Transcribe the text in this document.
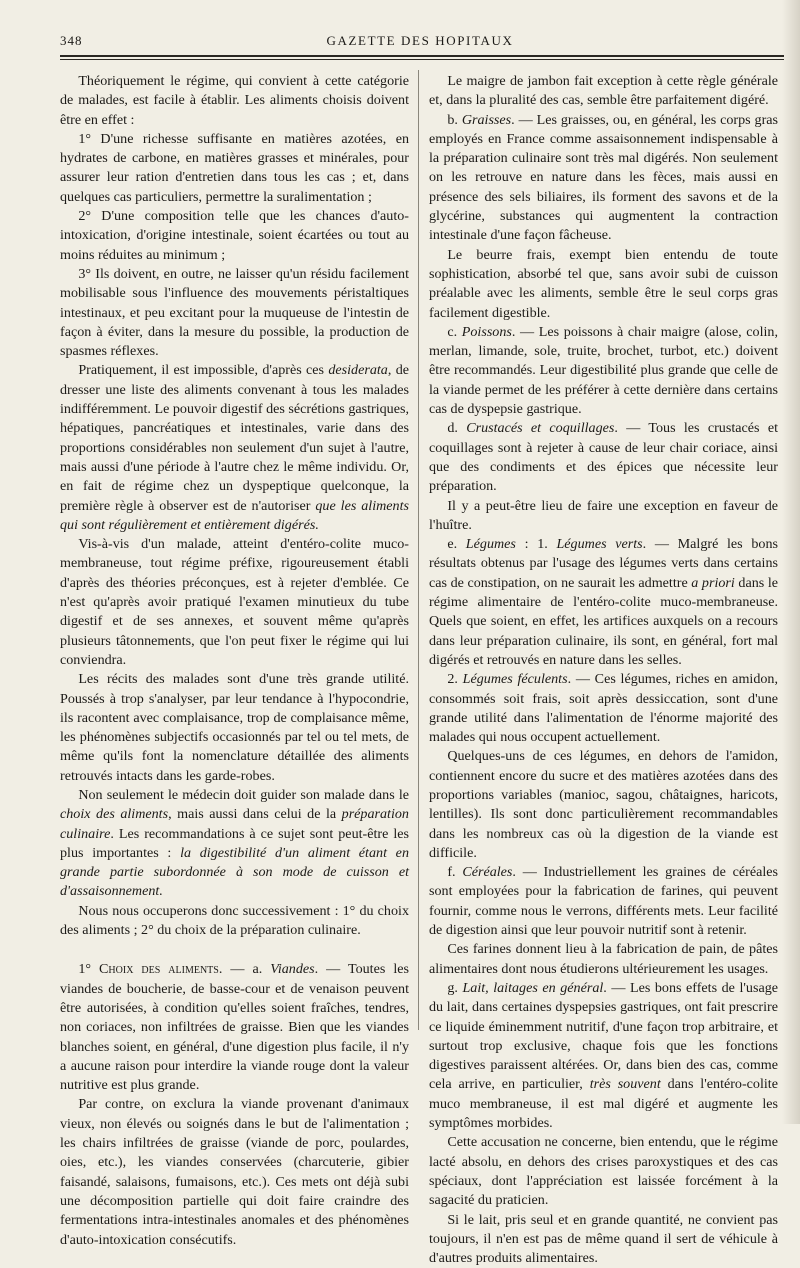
348	GAZETTE DES HOPITAUX

Théoriquement le régime, qui convient à cette catégorie de malades, est facile à établir. Les aliments choisis doivent être en effet :

1° D'une richesse suffisante en matières azotées, en hydrates de carbone, en matières grasses et minérales, pour assurer leur ration d'entretien dans tous les cas ; et, dans quelques cas particuliers, permettre la suralimentation ;

2° D'une composition telle que les chances d'auto-intoxication, d'origine intestinale, soient écartées ou tout au moins réduites au minimum ;

3° Ils doivent, en outre, ne laisser qu'un résidu facilement mobilisable sous l'influence des mouvements péristaltiques intestinaux, et peu excitant pour la muqueuse de l'intestin de façon à éviter, dans la mesure du possible, la production de spasmes réflexes.

Pratiquement, il est impossible, d'après ces desiderata, de dresser une liste des aliments convenant à tous les malades indifféremment. Le pouvoir digestif des sécrétions gastriques, hépatiques, pancréatiques et intestinales, varie dans des proportions considérables non seulement d'un sujet à l'autre, mais aussi d'une période à l'autre chez le même individu. Or, en fait de régime chez un dyspeptique quelconque, la première règle à observer est de n'autoriser que les aliments qui sont régulièrement et entièrement digérés.

Vis-à-vis d'un malade, atteint d'entéro-colite muco-membraneuse, tout régime préfixe, rigoureusement établi d'après des théories préconçues, est à rejeter d'emblée. Ce n'est qu'après avoir pratiqué l'examen minutieux du tube digestif et de ses annexes, et souvent même qu'après plusieurs tâtonnements, que l'on peut fixer le régime qui lui conviendra.

Les récits des malades sont d'une très grande utilité. Poussés à trop s'analyser, par leur tendance à l'hypocondrie, ils racontent avec complaisance, trop de complaisance même, les phénomènes subjectifs occasionnés par tel ou tel mets, de même qu'ils font la nomenclature détaillée des aliments retrouvés intacts dans les garde-robes.

Non seulement le médecin doit guider son malade dans le choix des aliments, mais aussi dans celui de la préparation culinaire. Les recommandations à ce sujet sont peut-être les plus importantes : la digestibilité d'un aliment étant en grande partie subordonnée à son mode de cuisson et d'assaisonnement.

Nous nous occuperons donc successivement : 1° du choix des aliments ; 2° du choix de la préparation culinaire.

1° Choix des aliments. — a. Viandes. — Toutes les viandes de boucherie, de basse-cour et de venaison peuvent être autorisées, à condition qu'elles soient fraîches, tendres, non coriaces, non infiltrées de graisse. Bien que les viandes blanches soient, en général, d'une digestion plus facile, il n'y a aucune raison pour interdire la viande rouge dont la valeur nutritive est plus grande.

Par contre, on exclura la viande provenant d'animaux vieux, non élevés ou soignés dans le but de l'alimentation ; les chairs infiltrées de graisse (viande de porc, poulardes, oies, etc.), les viandes conservées (charcuterie, gibier faisandé, salaisons, fumaisons, etc.). Ces mets ont déjà subi une décomposition partielle qui doit faire craindre des fermentations intra-intestinales anomales et des phénomènes d'auto-intoxication consécutifs.

Le maigre de jambon fait exception à cette règle générale et, dans la pluralité des cas, semble être parfaitement digéré.

b. Graisses. — Les graisses, ou, en général, les corps gras employés en France comme assaisonnement indispensable à la préparation culinaire sont très mal digérés. Non seulement on les retrouve en nature dans les fèces, mais aussi en présence des sels biliaires, ils forment des savons et de la glycérine, substances qui augmentent la contraction intestinale d'une façon fâcheuse.

Le beurre frais, exempt bien entendu de toute sophistication, absorbé tel que, sans avoir subi de cuisson préalable avec les aliments, semble être le seul corps gras facilement digestible.

c. Poissons. — Les poissons à chair maigre (alose, colin, merlan, limande, sole, truite, brochet, turbot, etc.) doivent être recommandés. Leur digestibilité plus grande que celle de la viande permet de les préférer à cette dernière dans certains cas de dyspepsie gastrique.

d. Crustacés et coquillages. — Tous les crustacés et coquillages sont à rejeter à cause de leur chair coriace, ainsi que des condiments et des épices que nécessite leur préparation.

Il y a peut-être lieu de faire une exception en faveur de l'huître.

e. Légumes : 1. Légumes verts. — Malgré les bons résultats obtenus par l'usage des légumes verts dans certains cas de constipation, on ne saurait les admettre a priori dans le régime alimentaire de l'entéro-colite muco-membraneuse. Quels que soient, en effet, les artifices auxquels on a recours dans leur préparation culinaire, ils sont, en général, fort mal digérés et retrouvés en nature dans les selles.

2. Légumes féculents. — Ces légumes, riches en amidon, consommés soit frais, soit après dessiccation, sont d'une grande utilité dans l'alimentation de l'énorme majorité des malades qui nous occupent actuellement.

Quelques-uns de ces légumes, en dehors de l'amidon, contiennent encore du sucre et des matières azotées dans des proportions variables (manioc, sagou, châtaignes, haricots, lentilles). Ils sont donc particulièrement recommandables dans les nombreux cas où la digestion de la viande est difficile.

f. Céréales. — Industriellement les graines de céréales sont employées pour la fabrication de farines, qui peuvent fournir, comme nous le verrons, différents mets. Leur facilité de digestion ainsi que leur pouvoir nutritif sont à retenir.

Ces farines donnent lieu à la fabrication de pain, de pâtes alimentaires dont nous étudierons ultérieurement les usages.

g. Lait, laitages en général. — Les bons effets de l'usage du lait, dans certaines dyspepsies gastriques, ont fait prescrire ce liquide éminemment nutritif, d'une façon trop arbitraire, et surtout trop exclusive, chaque fois que les fonctions digestives paraissent altérées. Or, dans bien des cas, comme cela arrive, en particulier, très souvent dans l'entéro-colite muco membraneuse, il est mal digéré et augmente les symptômes morbides.

Cette accusation ne concerne, bien entendu, que le régime lacté absolu, en dehors des crises paroxystiques et des cas spéciaux, dont l'appréciation est laissée forcément à la sagacité du praticien.

Si le lait, pris seul et en grande quantité, ne convient pas toujours, il n'en est pas de même quand il sert de véhicule à d'autres produits alimentaires.
